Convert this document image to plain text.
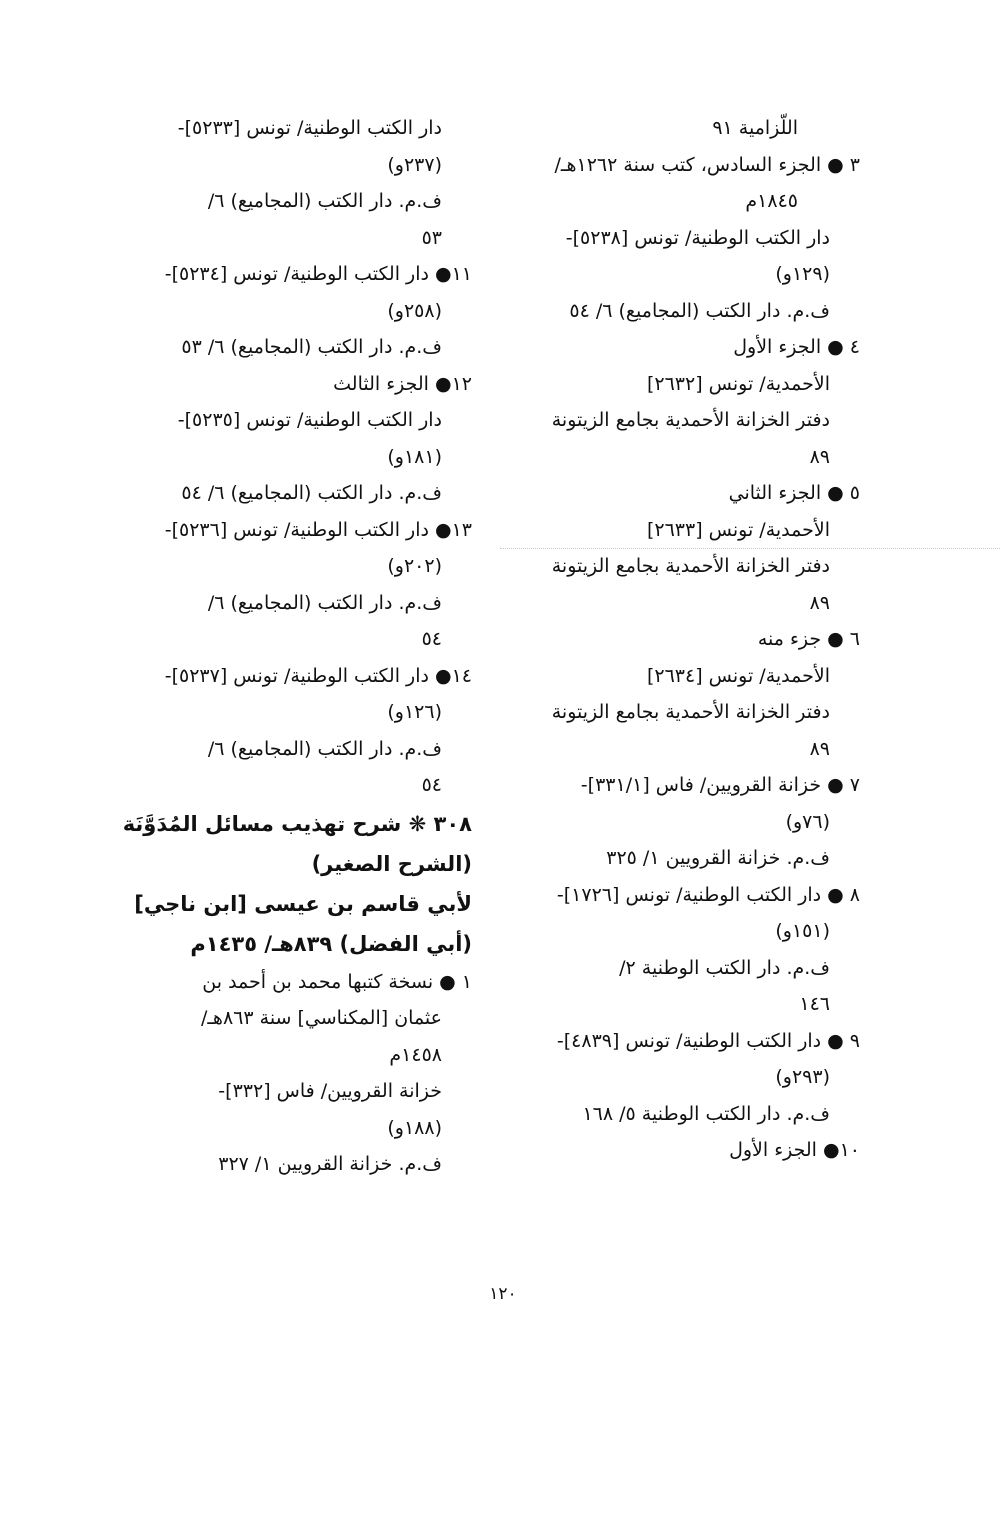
اللّزامية ٩١
٣ ● الجزء السادس، كتب سنة ١٢٦٢هـ/
١٨٤٥م
دار الكتب الوطنية/ تونس [٥٢٣٨]-
(١٢٩و)
ف.م. دار الكتب (المجاميع) ٦/ ٥٤
٤ ● الجزء الأول
الأحمدية/ تونس [٢٦٣٢]
دفتر الخزانة الأحمدية بجامع الزيتونة
٨٩
٥ ● الجزء الثاني
الأحمدية/ تونس [٢٦٣٣]
دفتر الخزانة الأحمدية بجامع الزيتونة
٨٩
٦ ● جزء منه
الأحمدية/ تونس [٢٦٣٤]
دفتر الخزانة الأحمدية بجامع الزيتونة
٨٩
٧ ● خزانة القرويين/ فاس [٣٣١/١]-
(٧٦و)
ف.م. خزانة القرويين ١/ ٣٢٥
٨ ● دار الكتب الوطنية/ تونس [١٧٢٦]-
(١٥١و)
ف.م. دار الكتب الوطنية ٢/
١٤٦
٩ ● دار الكتب الوطنية/ تونس [٤٨٣٩]-
(٢٩٣و)
ف.م. دار الكتب الوطنية ٥/ ١٦٨
١٠● الجزء الأول
دار الكتب الوطنية/ تونس [٥٢٣٣]-
(٢٣٧و)
ف.م. دار الكتب (المجاميع) ٦/
٥٣
١١● دار الكتب الوطنية/ تونس [٥٢٣٤]-
(٢٥٨و)
ف.م. دار الكتب (المجاميع) ٦/ ٥٣
١٢● الجزء الثالث
دار الكتب الوطنية/ تونس [٥٢٣٥]-
(١٨١و)
ف.م. دار الكتب (المجاميع) ٦/ ٥٤
١٣● دار الكتب الوطنية/ تونس [٥٢٣٦]-
(٢٠٢و)
ف.م. دار الكتب (المجاميع) ٦/
٥٤
١٤● دار الكتب الوطنية/ تونس [٥٢٣٧]-
(١٢٦و)
ف.م. دار الكتب (المجاميع) ٦/
٥٤
٣٠٨ ❋ شرح تهذيب مسائل المُدَوَّنَة
(الشرح الصغير)
لأبي قاسم بن عيسى [ابن ناجي]
(أبي الفضل) ٨٣٩هـ/ ١٤٣٥م
١ ● نسخة كتبها محمد بن أحمد بن
عثمان [المكناسي] سنة ٨٦٣هـ/
١٤٥٨م
خزانة القرويين/ فاس [٣٣٢]-
(١٨٨و)
ف.م. خزانة القرويين ١/ ٣٢٧
١٢٠
